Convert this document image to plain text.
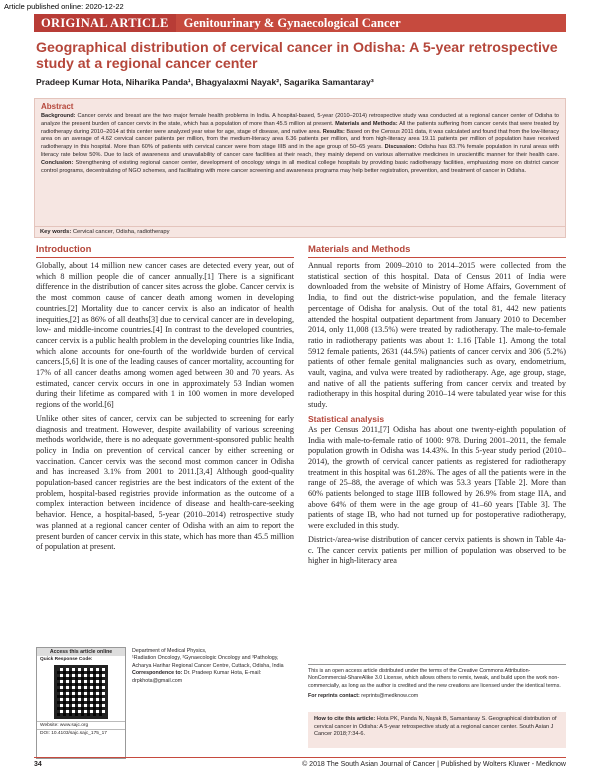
Article published online: 2020-12-22
ORIGINAL ARTICLE	Genitourinary & Gynaecological Cancer
Geographical distribution of cervical cancer in Odisha: A 5-year retrospective study at a regional cancer center
Pradeep Kumar Hota, Niharika Panda¹, Bhagyalaxmi Nayak², Sagarika Samantaray³
Abstract
Background: Cancer cervix and breast are the two major female health problems in India. A hospital-based, 5-year (2010–2014) retrospective study was conducted at a regional cancer center of Odisha to analyze the present burden of cancer cervix in the state, which has a population of more than 45.5 million at present. Materials and Methods: All the patients suffering from cancer cervix that were treated by radiotherapy during 2010–2014 at this center were analyzed year wise for age, stage of disease, and native area. Results: Based on the Census 2011 data, it was calculated and found that from the low-literacy area on an average of 4.62 cervical cancer patients per million, from the medium-literacy area 6.36 patients per million, and from high-literacy area 19.11 patients per million of population have received radiotherapy in this hospital. More than 60% of patients with cervical cancer were from stage IIIB and in the age group of 50–65 years. Discussion: Odisha has 83.7% female population in rural areas with literacy rate below 50%. Due to lack of awareness and unavailability of cancer care facilities at their reach, they mainly depend on various alternative medicines in unscientific manner for their health care. Conclusion: Strengthening of existing regional cancer center, development of oncology wings in all medical college hospitals by providing basic radiotherapy facilities, emphasizing more on district cancer control programs, decentralizing of NGO schemes, and facilitating with more cancer screening and awareness programs may help better registration, prevention, and treatment of cancer in Odisha.
Key words: Cervical cancer, Odisha, radiotherapy
Introduction

Globally, about 14 million new cancer cases are detected every year, out of which 8 million people die of cancer annually.[1] There is a significant difference in the distribution of cancer sites across the globe. Cancer cervix is the most common cause of cancer death among women in developing countries.[2] Mortality due to cancer cervix is also an indicator of health inequities,[2] as 86% of all deaths[3] due to cervical cancer are in developing, low- and middle-income countries.[4] In contrast to the developed countries, cancer cervix is a public health problem in the developing countries like India, which alone accounts for one-fourth of the worldwide burden of cervical cancers.[5,6] It is one of the leading causes of cancer mortality, accounting for 17% of all cancer deaths among women aged between 30 and 70 years. As estimated, cancer cervix occurs in one in approximately 53 Indian women during their lifetime as compared with 1 in 100 women in more developed regions of the world.[6]

Unlike other sites of cancer, cervix can be subjected to screening for early diagnosis and treatment. However, despite availability of various screening methods worldwide, there is no adequate government-sponsored public health policy in India on prevention of cervical cancer by either screening or vaccination. Cancer cervix was the second most common cancer in Odisha and has increased 3.1% from 2001 to 2011.[3,4] Although good-quality population-based cancer registries are the best indicators of the extent of the problem, hospital-based registries provide information as the outcome of a complex interaction between incidence of disease and health-care-seeking behavior. Hence, a hospital-based, 5-year (2010–2014) retrospective study was planned at a regional cancer center of Odisha with an aim to report the present burden of cancer cervix in this state, which has more than 45.5 million of population at present.

Materials and Methods

Annual reports from 2009–2010 to 2014–2015 were collected from the statistical section of this hospital. Data of Census 2011 of India were downloaded from the website of Ministry of Home Affairs, Government of India, to find out the district-wise population, and the female literacy percentage of Odisha for analysis. Out of the total 81, 442 new patients attended the hospital outpatient department from January 2010 to December 2014, only 11,008 (13.5%) were treated by radiotherapy. The male-to-female ratio in radiotherapy patients was about 1: 1.16 [Table 1]. Among the total 5912 female patients, 2631 (44.5%) patients of cancer cervix and 306 (5.2%) patients of other female genital malignancies such as ovary, endometrium, vault, vagina, and vulva were treated by radiotherapy. Age, age group, stage, and native of all the patients suffering from cancer cervix and treated by radiotherapy in this hospital during 2010–14 were tabulated year wise for this study.

Statistical analysis

As per Census 2011,[7] Odisha has about one twenty-eighth population of India with male-to-female ratio of 1000: 978. During 2001–2011, the female population growth in Odisha was 14.43%. In this 5-year study period (2010–2014), the growth of cervical cancer patients as registered for radiotherapy treatment in this hospital was 61.28%. The ages of all the patients were in the range of 25–88, the average of which was 53.3 years [Table 2]. More than 60% patients belonged to stage IIIB followed by 26.9% from stage IIA, and above 64% of them were in the age group of 41–60 years [Table 3]. The patients of stage IB, who had not turned up for postoperative radiotherapy, were excluded in this study.

District-/area-wise distribution of cancer cervix patients is shown in Table 4a-c. The cancer cervix patients per million of population was observed to be higher in high-literacy area

Access this article online
Quick Response Code:
Website: www.sajc.org
DOI: 10.4103/sajc.sajc_175_17
Department of Medical Physics,
¹Radiation Oncology, ²Gynaecologic Oncology and ³Pathology, Acharya Harihar Regional Cancer Centre, Cuttack, Odisha, India
Correspondence to: Dr. Pradeep Kumar Hota, E-mail: drpkhota@gmail.com
This is an open access article distributed under the terms of the Creative Commons Attribution-NonCommercial-ShareAlike 3.0 License, which allows others to remix, tweak, and build upon the work non-commercially, as long as the author is credited and the new creations are licensed under the identical terms.
For reprints contact: reprints@medknow.com
How to cite this article: Hota PK, Panda N, Nayak B, Samantaray S. Geographical distribution of cervical cancer in Odisha: A 5-year retrospective study at a regional cancer center. South Asian J Cancer 2018;7:34-6.
34	© 2018 The South Asian Journal of Cancer | Published by Wolters Kluwer - Medknow
